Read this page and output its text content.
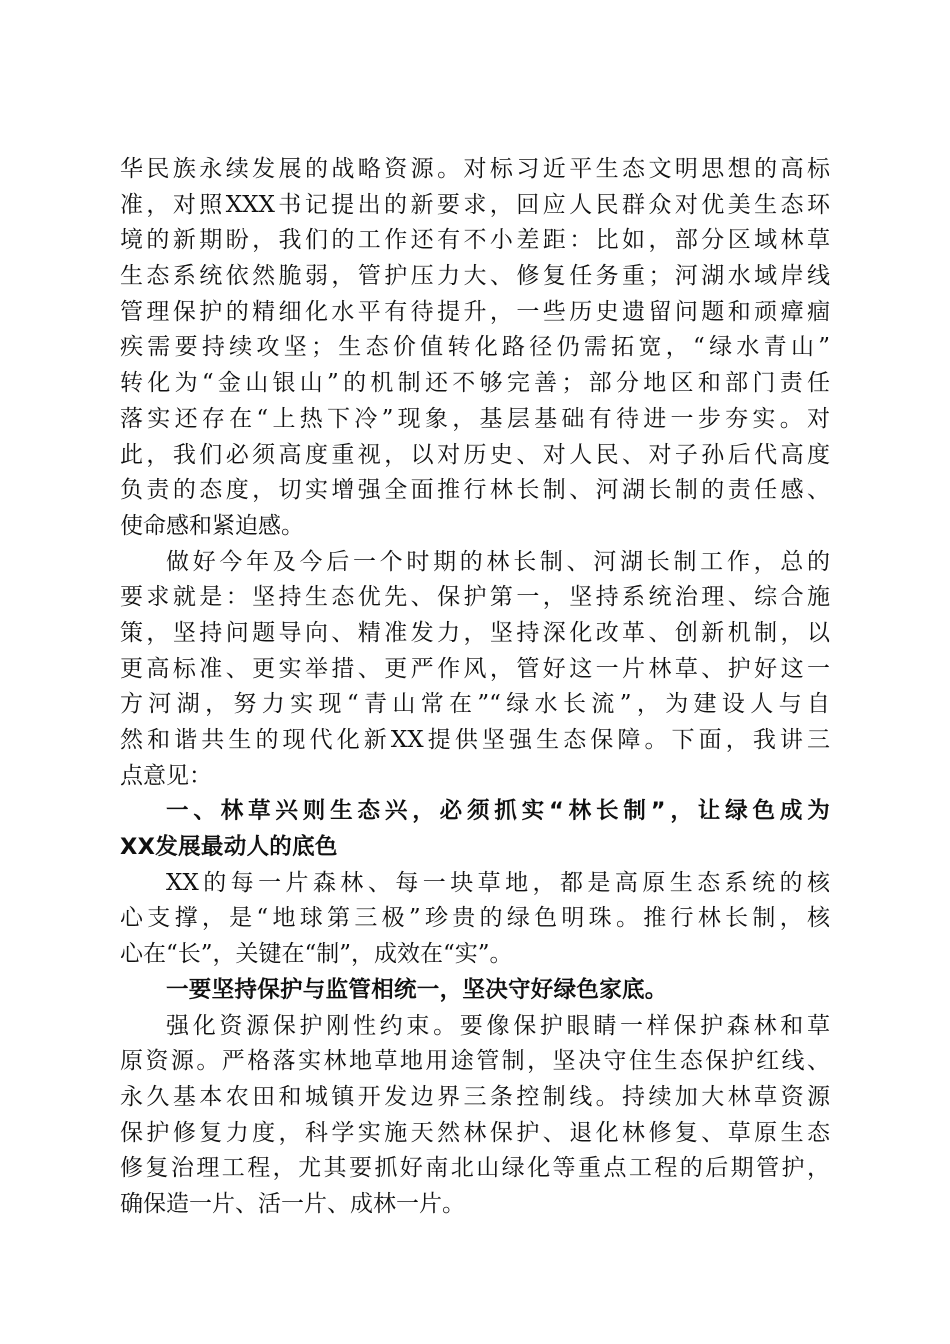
华民族永续发展的战略资源。对标习近平生态文明思想的高标
准，对照XXX书记提出的新要求，回应人民群众对优美生态环
境的新期盼，我们的工作还有不小差距：比如，部分区域林草
生态系统依然脆弱，管护压力大、修复任务重；河湖水域岸线
管理保护的精细化水平有待提升，一些历史遗留问题和顽瘴痼
疾需要持续攻坚；生态价值转化路径仍需拓宽，“绿水青山”
转化为“金山银山”的机制还不够完善；部分地区和部门责任
落实还存在“上热下冷”现象，基层基础有待进一步夯实。对
此，我们必须高度重视，以对历史、对人民、对子孙后代高度
负责的态度，切实增强全面推行林长制、河湖长制的责任感、
使命感和紧迫感。
做好今年及今后一个时期的林长制、河湖长制工作，总的
要求就是：坚持生态优先、保护第一，坚持系统治理、综合施
策，坚持问题导向、精准发力，坚持深化改革、创新机制，以
更高标准、更实举措、更严作风，管好这一片林草、护好这一
方河湖，努力实现“青山常在”“绿水长流”，为建设人与自
然和谐共生的现代化新XX提供坚强生态保障。下面，我讲三
点意见：
一、林草兴则生态兴，必须抓实“林长制”，让绿色成为
XX发展最动人的底色
XX的每一片森林、每一块草地，都是高原生态系统的核
心支撑，是“地球第三极”珍贵的绿色明珠。推行林长制，核
心在“长”，关键在“制”，成效在“实”。
一要坚持保护与监管相统一，坚决守好绿色家底。
强化资源保护刚性约束。要像保护眼睛一样保护森林和草
原资源。严格落实林地草地用途管制，坚决守住生态保护红线、
永久基本农田和城镇开发边界三条控制线。持续加大林草资源
保护修复力度，科学实施天然林保护、退化林修复、草原生态
修复治理工程，尤其要抓好南北山绿化等重点工程的后期管护，
确保造一片、活一片、成林一片。
